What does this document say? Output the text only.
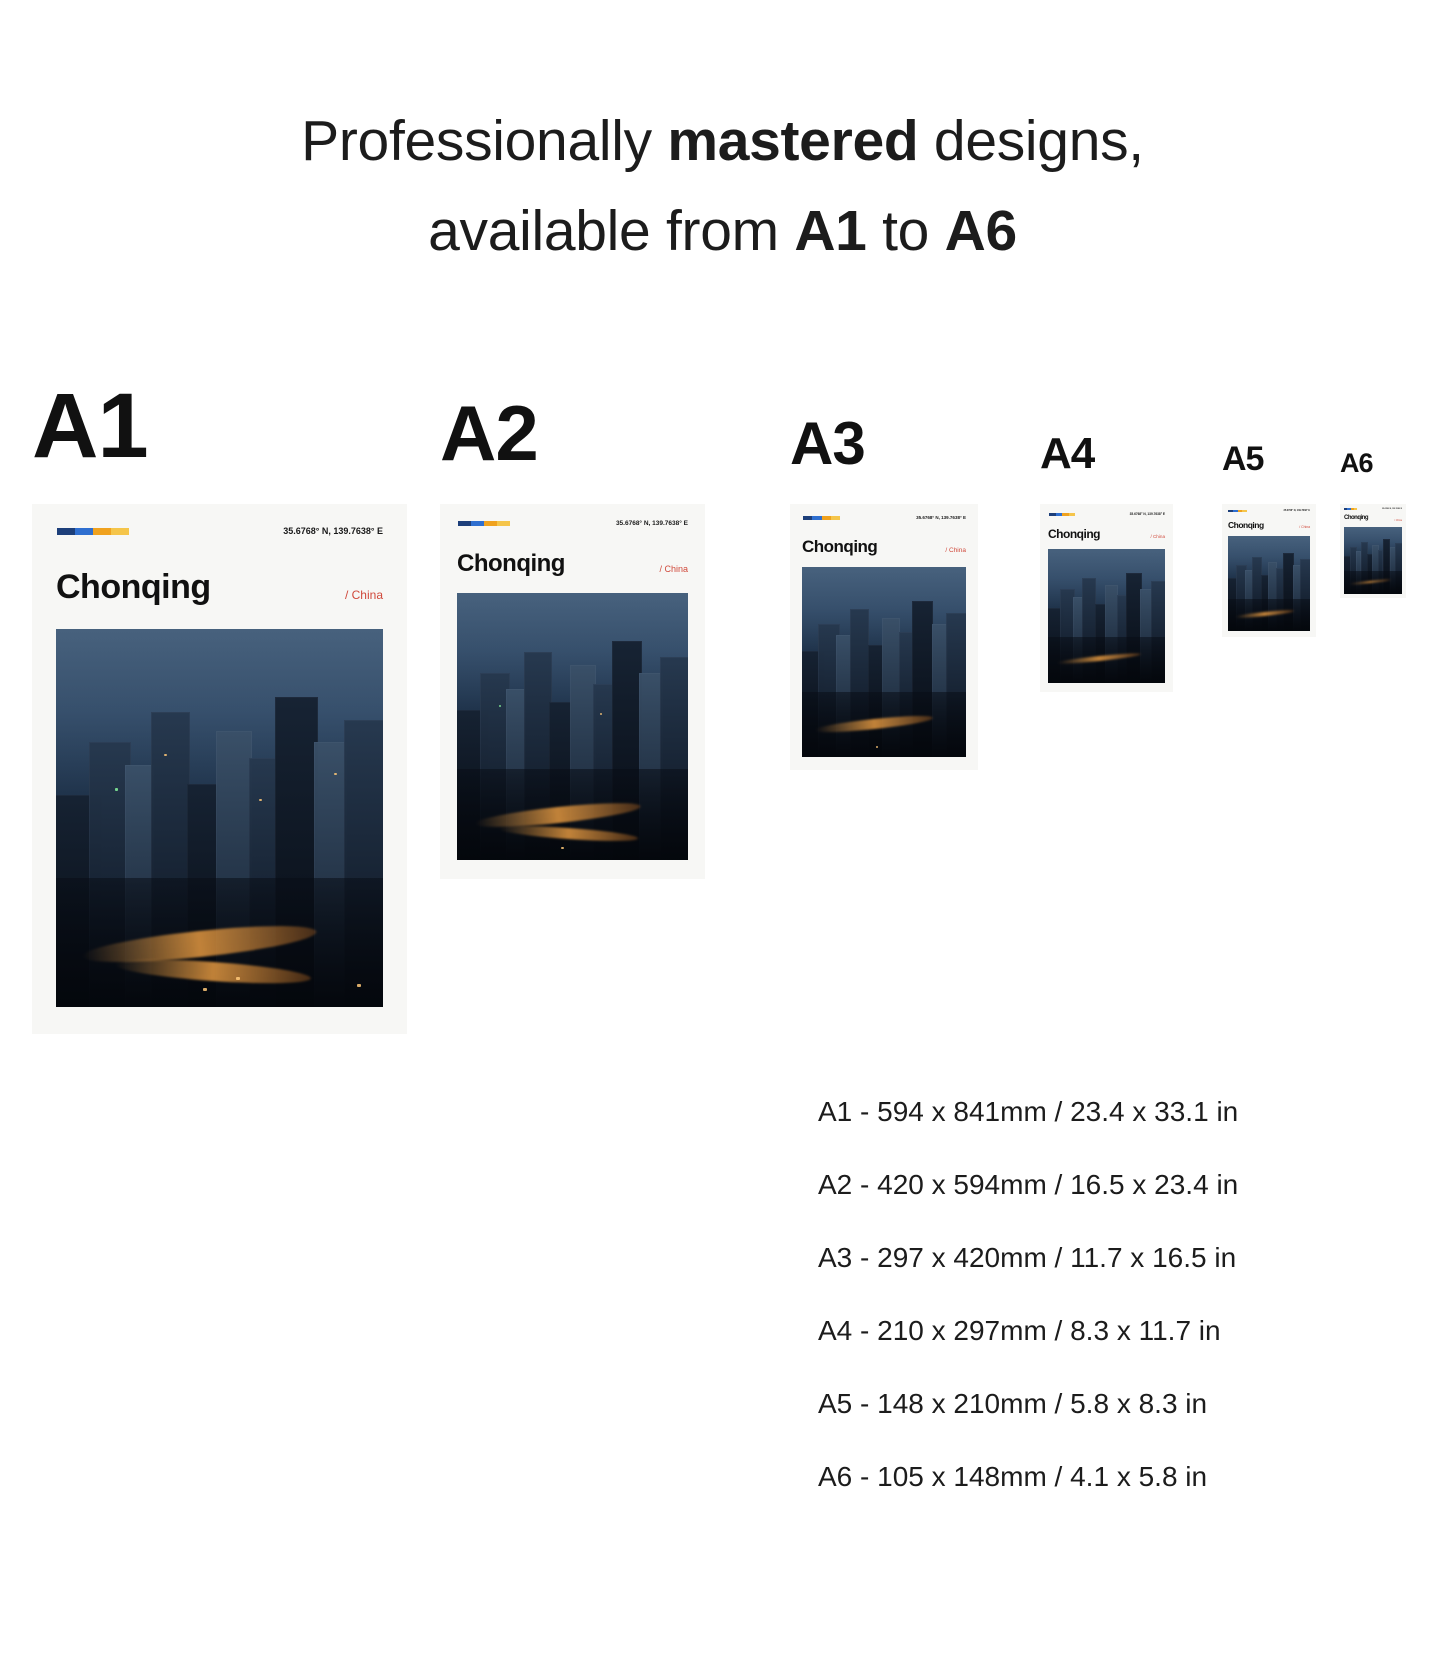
Professionally mastered designs,
available from A1 to A6
A1
35.6768° N, 139.7638° E
Chonqing	/ China
A2
35.6768° N, 139.7638° E
Chonqing	/ China
A3
35.6768° N, 139.7638° E
Chonqing	/ China
A4
35.6768° N, 139.7638° E
Chonqing	/ China
A5
35.6768° N, 139.7638° E
Chonqing	/ China
A6
35.6768° N, 139.7638° E
Chonqing	/ China
A1 - 594 x 841mm / 23.4 x 33.1 in
A2 - 420 x 594mm / 16.5 x 23.4 in
A3 - 297 x 420mm / 11.7 x 16.5 in
A4 - 210 x 297mm / 8.3 x 11.7 in
A5 - 148 x 210mm / 5.8 x 8.3 in
A6 - 105 x 148mm / 4.1 x 5.8 in
